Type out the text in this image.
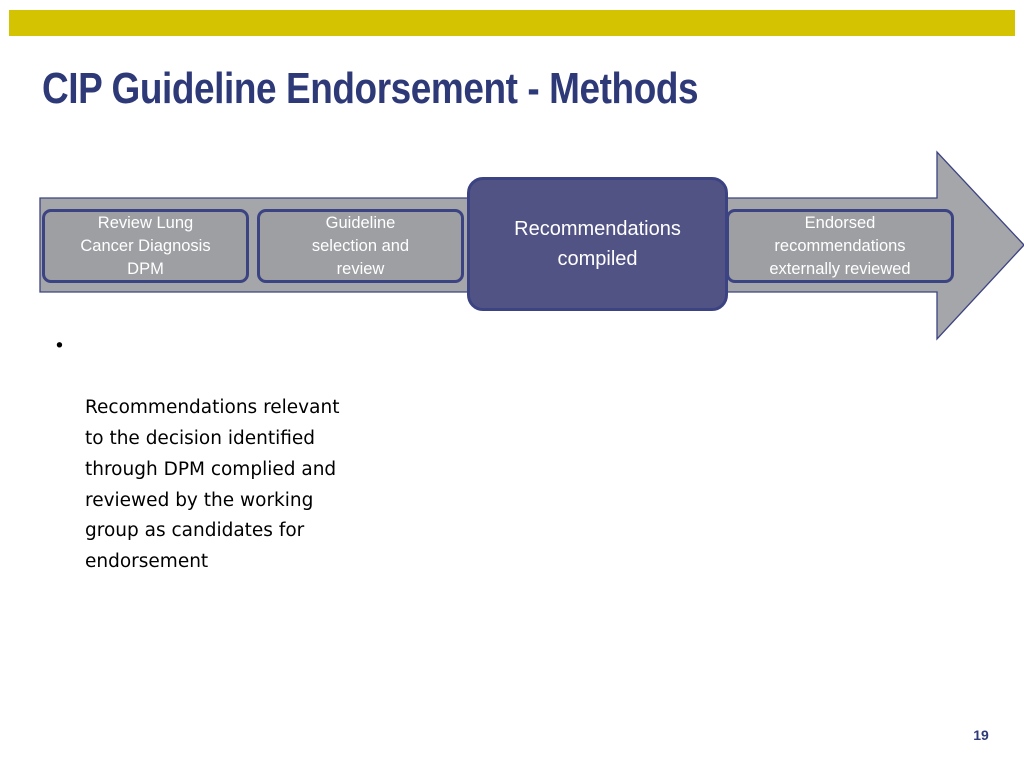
CIP Guideline Endorsement - Methods
Review Lung
Cancer Diagnosis
DPM
Guideline
selection and
review
Recommendations
compiled
Endorsed
recommendations
externally reviewed

•

Recommendations relevant
to the decision identified
through DPM complied and
reviewed by the working
group as candidates for
endorsement

19
